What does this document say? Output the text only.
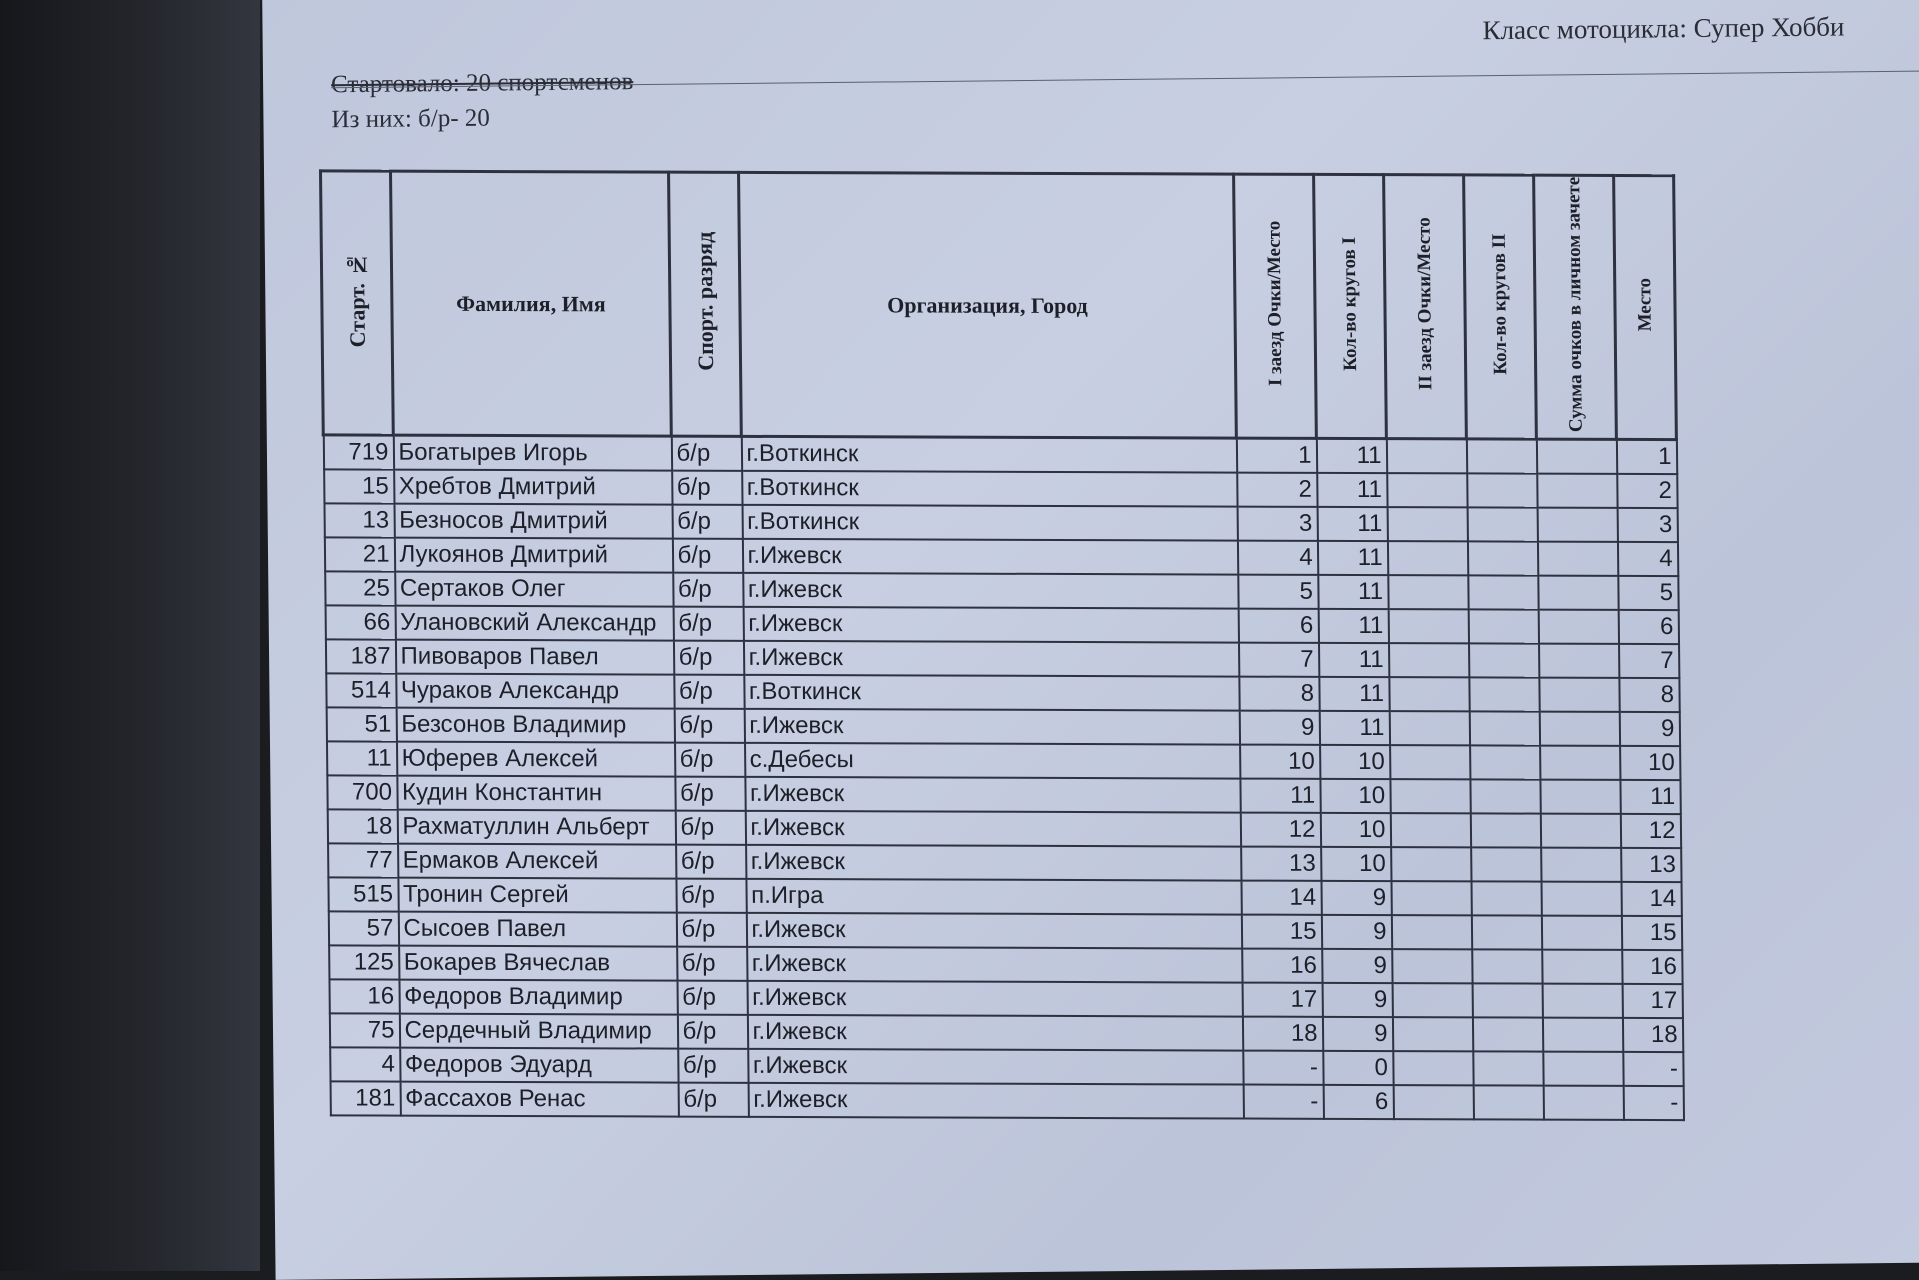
Класс мотоцикла: Супер Хобби
Стартовало: 20 спортсменов
Из них: б/р- 20
Старт. №	Фамилия, Имя	Спорт. разряд	Организация, Город	I заезд Очки/Место	Кол-во кругов I	II заезд Очки/Место	Кол-во кругов II	Сумма очков в личном зачете	Место
719	Богатырев Игорь	б/р	г.Воткинск	1	11				1
15	Хребтов Дмитрий	б/р	г.Воткинск	2	11				2
13	Безносов Дмитрий	б/р	г.Воткинск	3	11				3
21	Лукоянов Дмитрий	б/р	г.Ижевск	4	11				4
25	Сертаков Олег	б/р	г.Ижевск	5	11				5
66	Улановский Александр	б/р	г.Ижевск	6	11				6
187	Пивоваров Павел	б/р	г.Ижевск	7	11				7
514	Чураков Александр	б/р	г.Воткинск	8	11				8
51	Безсонов Владимир	б/р	г.Ижевск	9	11				9
11	Юферев Алексей	б/р	с.Дебесы	10	10				10
700	Кудин Константин	б/р	г.Ижевск	11	10				11
18	Рахматуллин Альберт	б/р	г.Ижевск	12	10				12
77	Ермаков Алексей	б/р	г.Ижевск	13	10				13
515	Тронин Сергей	б/р	п.Игра	14	9				14
57	Сысоев Павел	б/р	г.Ижевск	15	9				15
125	Бокарев Вячеслав	б/р	г.Ижевск	16	9				16
16	Федоров Владимир	б/р	г.Ижевск	17	9				17
75	Сердечный Владимир	б/р	г.Ижевск	18	9				18
4	Федоров Эдуард	б/р	г.Ижевск	-	0				-
181	Фассахов Ренас	б/р	г.Ижевск	-	6				-
